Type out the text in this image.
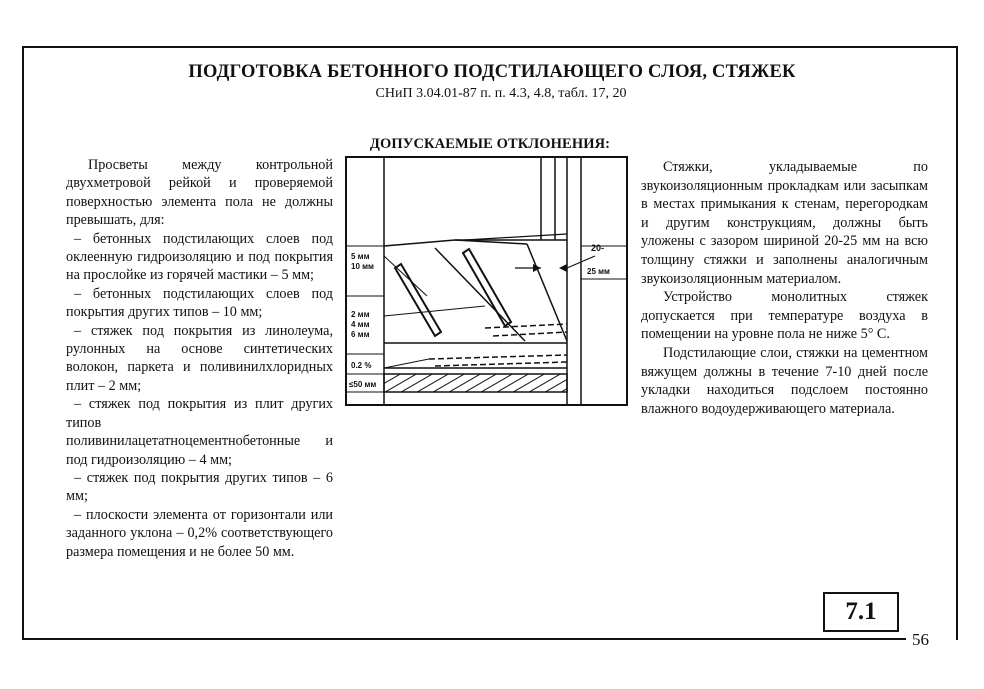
ПОДГОТОВКА БЕТОННОГО ПОДСТИЛАЮЩЕГО СЛОЯ, СТЯЖЕК
СНиП 3.04.01-87 п. п. 4.3, 4.8, табл. 17, 20
ДОПУСКАЕМЫЕ ОТКЛОНЕНИЯ:

Просветы между контрольной двухметровой рейкой и проверяемой поверхностью элемента пола не должны превышать, для:

– бетонных подстилающих слоев под оклеенную гидроизоляцию и под покрытия на прослойке из горячей мастики – 5 мм;

– бетонных подстилающих слоев под покрытия других типов – 10 мм;

– стяжек под покрытия из линолеума, рулонных на основе синтетических волокон, паркета и поливинилхлоридных плит – 2 мм;

– стяжек под покрытия из плит других типов поливинилацетатноцементнобетонные и под гидроизоляцию – 4 мм;

– стяжек под покрытия других типов – 6 мм;

– плоскости элемента от горизонтали или заданного уклона – 0,2% соответствующего размера помещения и не более 50 мм.

5 мм
10 мм
2 мм
4 мм
6 мм
0.2 %
≤50 мм
20-
25 мм

Стяжки, укладываемые по звукоизоляционным прокладкам или засыпкам в местах примыкания к стенам, перегородкам и другим конструкциям, должны быть уложены с зазором шириной 20-25 мм на всю толщину стяжки и заполнены аналогичным звукоизоляционным материалом.

Устройство монолитных стяжек допускается при температуре воздуха в помещении на уровне пола не ниже 5° С.

Подстилающие слои, стяжки на цементном вяжущем должны в течение 7-10 дней после укладки находиться подслоем постоянно влажного водоудерживающего материала.

7.1
56
